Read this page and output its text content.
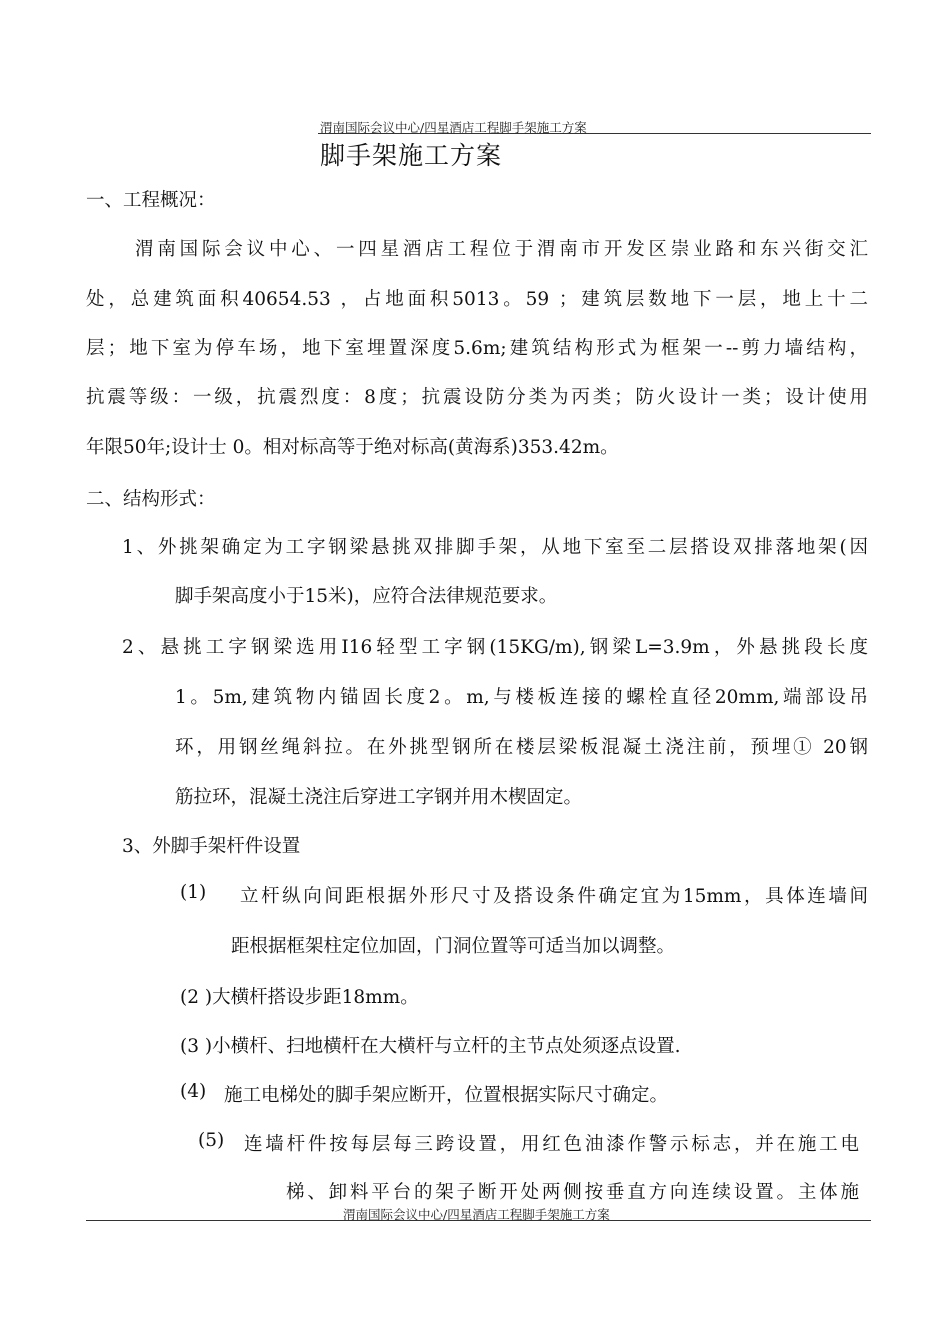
渭南国际会议中心/四星酒店工程脚手架施工方案
脚手架施工方案
一、工程概况：
渭南国际会议中心、一四星酒店工程位于渭南市开发区崇业路和东兴街交汇
处，总建筑面积40654.53 ，占地面积5013。59 ；建筑层数地下一层，地上十二
层；地下室为停车场，地下室埋置深度5.6m;建筑结构形式为框架一--剪力墙结构，
抗震等级：一级，抗震烈度：8度；抗震设防分类为丙类；防火设计一类；设计使用
年限50年;设计士 0。相对标高等于绝对标高(黄海系)353.42m。
二、结构形式：
1、外挑架确定为工字钢梁悬挑双排脚手架，从地下室至二层搭设双排落地架(因
脚手架高度小于15米)，应符合法律规范要求。
2、悬挑工字钢梁选用I16轻型工字钢(15KG/m),钢梁L=3.9m，外悬挑段长度
1。5m,建筑物内锚固长度2。m,与楼板连接的螺栓直径20mm,端部设吊
环，用钢丝绳斜拉。在外挑型钢所在楼层梁板混凝土浇注前，预埋① 20钢
筋拉环，混凝土浇注后穿进工字钢并用木楔固定。
3、外脚手架杆件设置
(1) 立杆纵向间距根据外形尺寸及搭设条件确定宜为15mm，具体连墙间
距根据框架柱定位加固，门洞位置等可适当加以调整。
(2 )大横杆搭设步距18mm。
(3 )小横杆、扫地横杆在大横杆与立杆的主节点处须逐点设置.
(4) 施工电梯处的脚手架应断开，位置根据实际尺寸确定。
(5) 连墙杆件按每层每三跨设置，用红色油漆作警示标志，并在施工电
梯、卸料平台的架子断开处两侧按垂直方向连续设置。主体施
渭南国际会议中心/四星酒店工程脚手架施工方案
